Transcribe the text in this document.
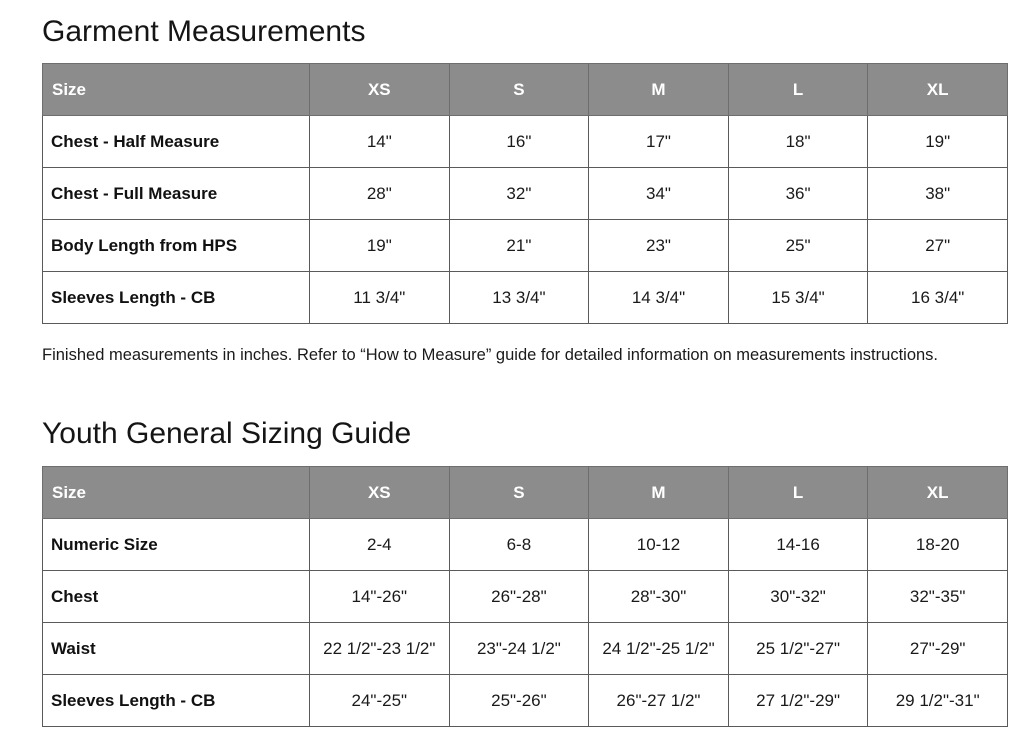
Garment Measurements
Size	XS	S	M	L	XL
Chest - Half Measure	14"	16"	17"	18"	19"
Chest - Full Measure	28"	32"	34"	36"	38"
Body Length from HPS	19"	21"	23"	25"	27"
Sleeves Length - CB	11 3/4"	13 3/4"	14 3/4"	15 3/4"	16 3/4"

Finished measurements in inches. Refer to “How to Measure” guide for detailed information on measurements instructions.

Youth General Sizing Guide
Size	XS	S	M	L	XL
Numeric Size	2-4	6-8	10-12	14-16	18-20
Chest	14"-26"	26"-28"	28"-30"	30"-32"	32"-35"
Waist	22 1/2"-23 1/2"	23"-24 1/2"	24 1/2"-25 1/2"	25 1/2"-27"	27"-29"
Sleeves Length - CB	24"-25"	25"-26"	26"-27 1/2"	27 1/2"-29"	29 1/2"-31"
